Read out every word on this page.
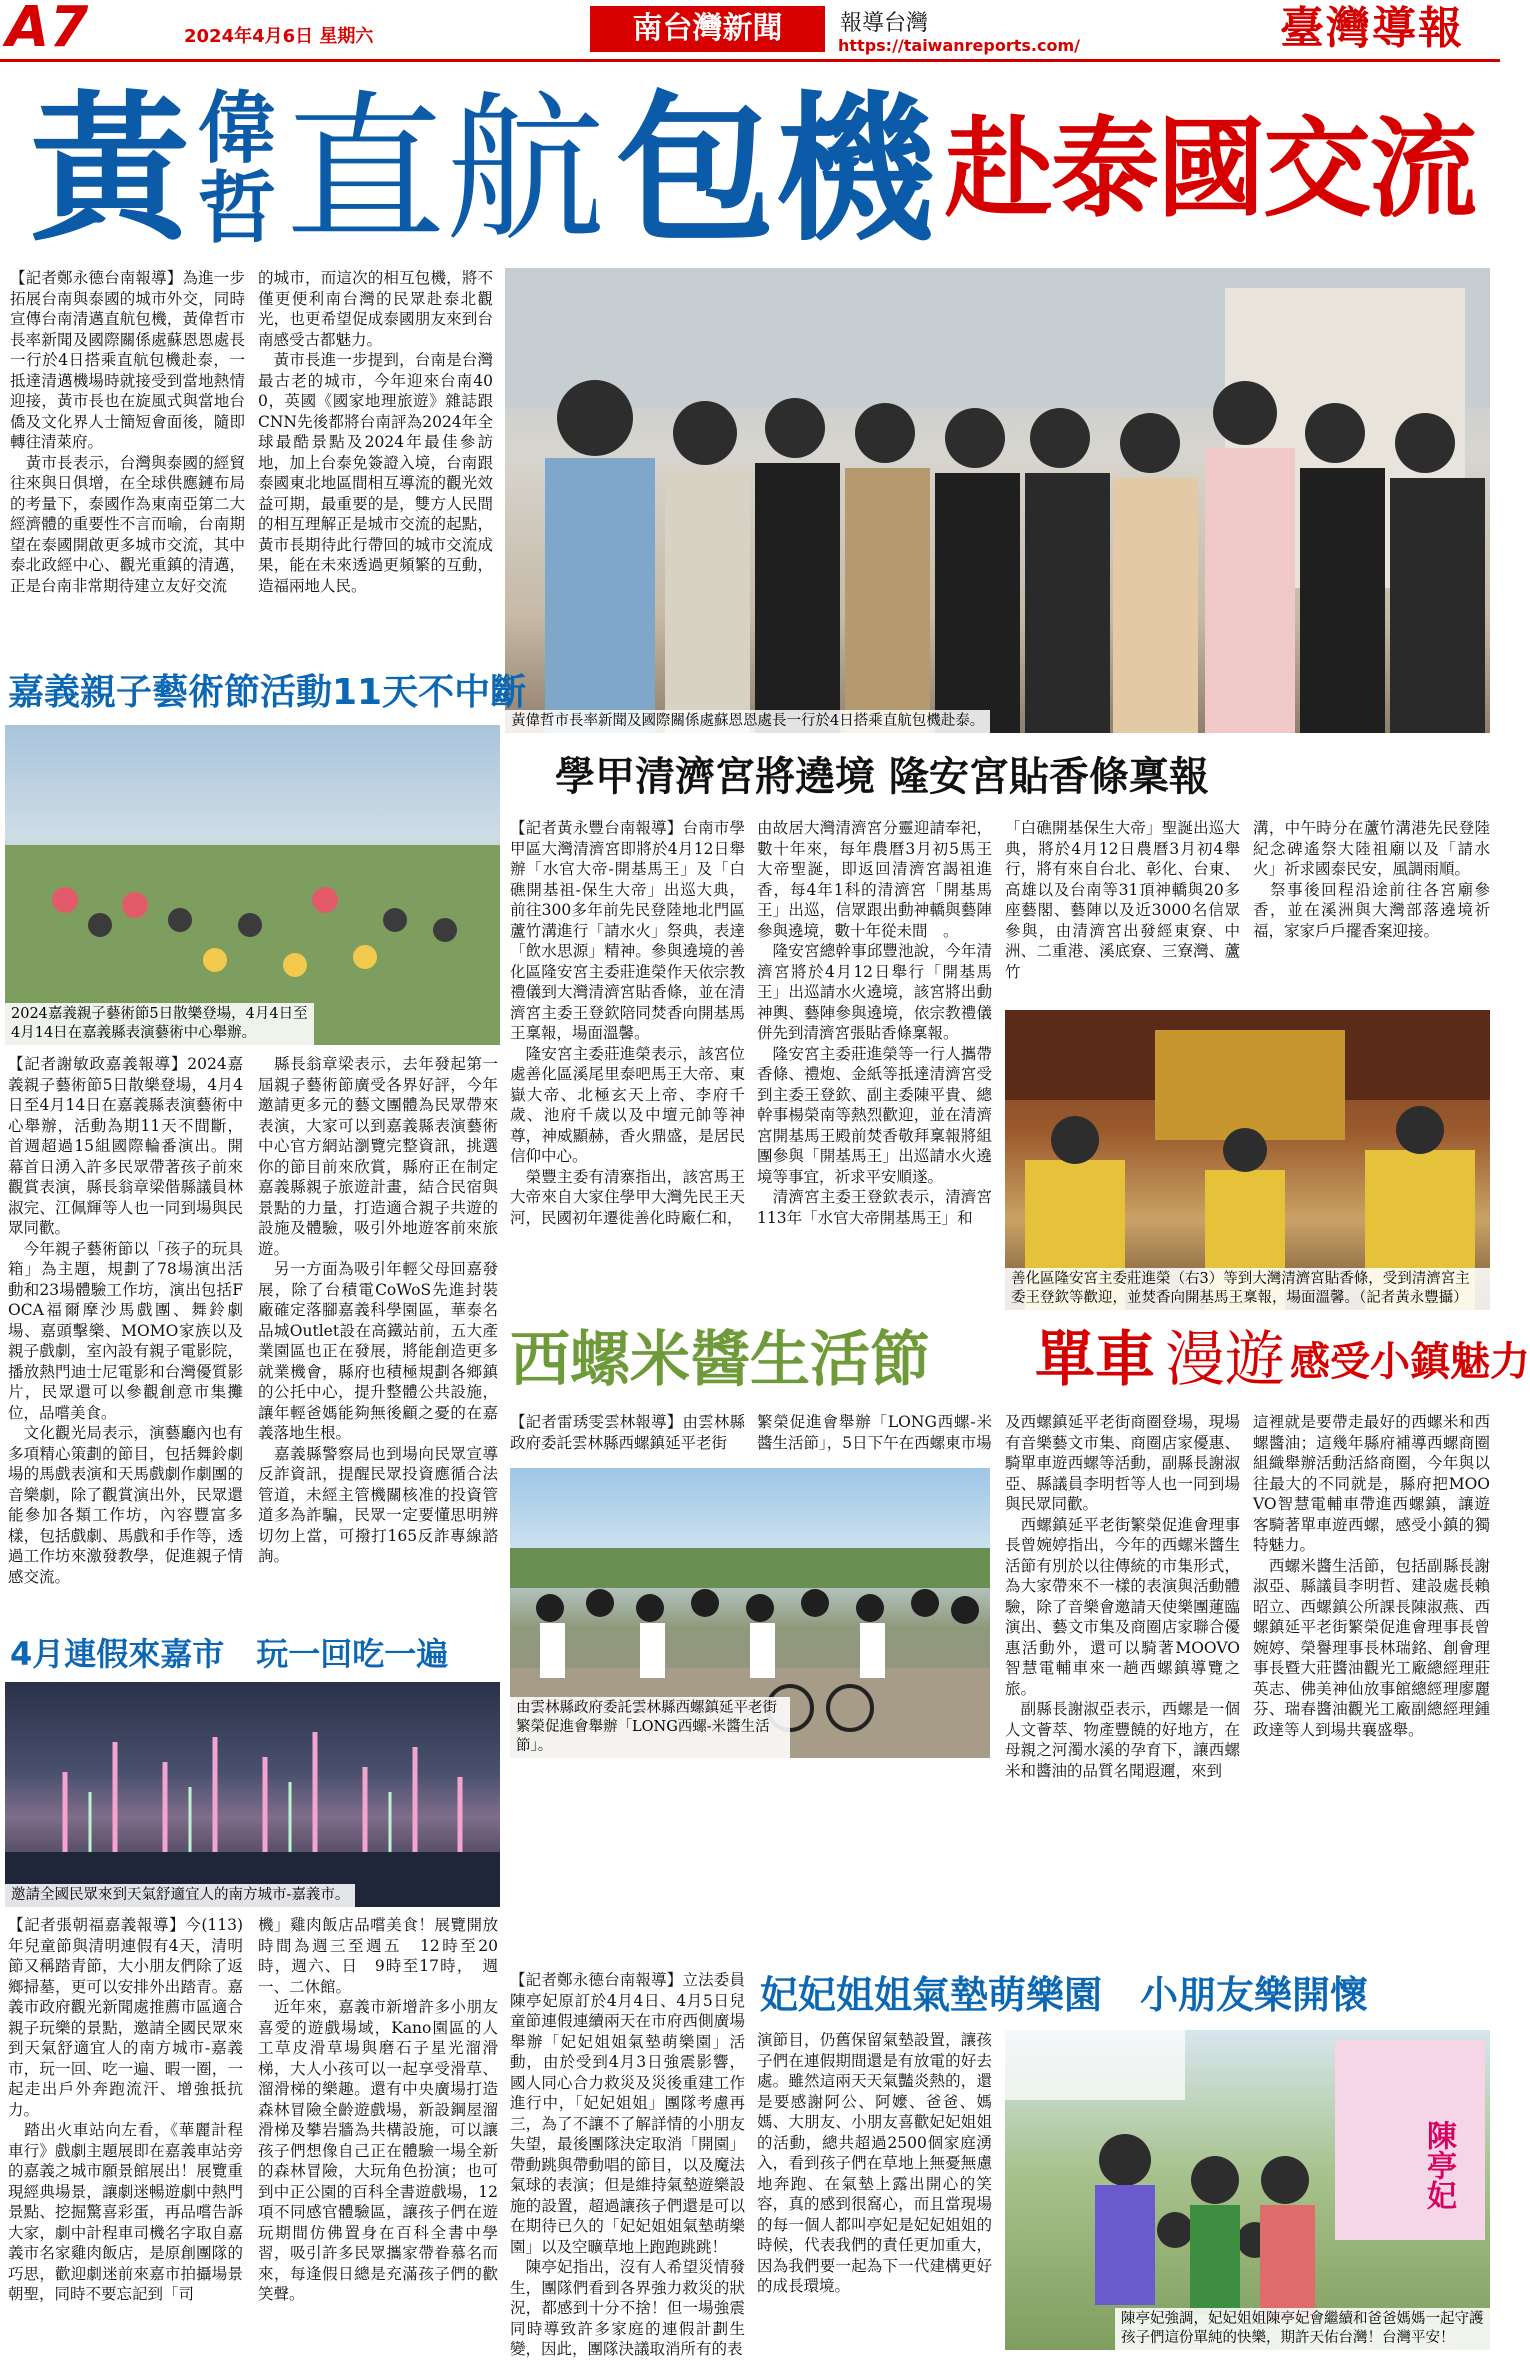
A7	2024年4月6日 星期六	南台灣新聞	報導台灣
https://taiwanreports.com/	臺灣導報
黃 偉
哲 直航 包機 赴泰國交流
【記者鄭永德台南報導】為進一步拓展台南與泰國的城市外交，同時宣傳台南清邁直航包機，黃偉哲市長率新聞及國際關係處蘇恩恩處長一行於4日搭乘直航包機赴泰，一抵達清邁機場時就接受到當地熱情迎接，黃市長也在旋風式與當地台僑及文化界人士簡短會面後，隨即轉往清萊府。
　黃市長表示，台灣與泰國的經貿往來與日俱增，在全球供應鏈布局的考量下，泰國作為東南亞第二大經濟體的重要性不言而喻，台南期望在泰國開啟更多城市交流，其中泰北政經中心、觀光重鎮的清邁，正是台南非常期待建立友好交流
的城市，而這次的相互包機，將不僅更便利南台灣的民眾赴泰北觀光，也更希望促成泰國朋友來到台南感受古都魅力。
　黃市長進一步提到，台南是台灣最古老的城市，今年迎來台南400，英國《國家地理旅遊》雜誌跟CNN先後都將台南評為2024年全球最酷景點及2024年最佳參訪地，加上台泰免簽證入境，台南跟泰國東北地區間相互導流的觀光效益可期，最重要的是，雙方人民間的相互理解正是城市交流的起點，黃市長期待此行帶回的城市交流成果，能在未來透過更頻繁的互動，造福兩地人民。
黃偉哲市長率新聞及國際關係處蘇恩恩處長一行於4日搭乘直航包機赴泰。
嘉義親子藝術節活動11天不中斷
2024嘉義親子藝術節5日散樂登場，4月4日至
4月14日在嘉義縣表演藝術中心舉辦。
【記者謝敏政嘉義報導】2024嘉義親子藝術節5日散樂登場，4月4日至4月14日在嘉義縣表演藝術中心舉辦，活動為期11天不間斷，首週超過15組國際輪番演出。開幕首日湧入許多民眾帶著孩子前來觀賞表演，縣長翁章梁偕縣議員林淑完、江佩輝等人也一同到場與民眾同歡。
　今年親子藝術節以「孩子的玩具箱」為主題，規劃了78場演出活動和23場體驗工作坊，演出包括FOCA福爾摩沙馬戲團、舞鈴劇場、嘉頭擊樂、MOMO家族以及親子戲劇，室內設有親子電影院，播放熱門迪士尼電影和台灣優質影片，民眾還可以參觀創意市集攤位，品嚐美食。
　文化觀光局表示，演藝廳內也有多項精心策劃的節目，包括舞鈴劇場的馬戲表演和天馬戲劇作劇團的音樂劇，除了觀賞演出外，民眾還能參加各類工作坊，內容豐富多樣，包括戲劇、馬戲和手作等，透過工作坊來激發教學，促進親子情感交流。
　縣長翁章梁表示，去年發起第一屆親子藝術節廣受各界好評，今年邀請更多元的藝文團體為民眾帶來表演，大家可以到嘉義縣表演藝術中心官方網站瀏覽完整資訊，挑選你的節目前來欣賞，縣府正在制定嘉義縣親子旅遊計畫，結合民宿與景點的力量，打造適合親子共遊的設施及體驗，吸引外地遊客前來旅遊。
　另一方面為吸引年輕父母回嘉發展，除了台積電CoWoS先進封裝廠確定落腳嘉義科學園區，華泰名品城Outlet設在高鐵站前，五大產業園區也正在發展，將能創造更多就業機會，縣府也積極規劃各鄉鎮的公托中心，提升整體公共設施，讓年輕爸媽能夠無後顧之憂的在嘉義落地生根。
　嘉義縣警察局也到場向民眾宣導反詐資訊，提醒民眾投資應循合法管道，未經主管機關核准的投資管道多為詐騙，民眾一定要懂思明辨切勿上當，可撥打165反詐專線諮詢。
4月連假來嘉市　玩一回吃一遍
邀請全國民眾來到天氣舒適宜人的南方城市-嘉義市。
【記者張朝福嘉義報導】今(113)年兒童節與清明連假有4天，清明節又稱踏青節，大小朋友們除了返鄉掃墓，更可以安排外出踏青。嘉義市政府觀光新聞處推薦市區適合親子玩樂的景點，邀請全國民眾來到天氣舒適宜人的南方城市-嘉義市，玩一回、吃一遍、暇一圈，一起走出戶外奔跑流汗、增強抵抗力。
　踏出火車站向左看，《華麗計程車行》戲劇主題展即在嘉義車站旁的嘉義之城市願景館展出！展覽重現經典場景，讓劇迷暢遊劇中熱門景點、挖掘驚喜彩蛋，再品嚐告訴大家，劇中計程車司機名字取自嘉義市名家雞肉飯店，是原創團隊的巧思，歡迎劇迷前來嘉市拍攝場景朝聖，同時不要忘記到「司
機」雞肉飯店品嚐美食！展覽開放時間為週三至週五　12時至20時，週六、日　9時至17時，　週一、二休館。
　近年來，嘉義市新增許多小朋友喜愛的遊戲場域，Kano園區的人工草皮滑草場與磨石子星光溜滑梯，大人小孩可以一起享受滑草、溜滑梯的樂趣。還有中央廣場打造森林冒險全齡遊戲場，新設鋼屋溜滑梯及攀岩牆為共構設施，可以讓孩子們想像自己正在體驗一場全新的森林冒險，大玩角色扮演；也可到中正公園的百科全書遊戲場，12項不同感官體驗區，讓孩子們在遊玩期間仿佛置身在百科全書中學習，吸引許多民眾攜家帶眷慕名而來，每逢假日總是充滿孩子們的歡笑聲。
學甲清濟宮將遶境 隆安宮貼香條稟報
【記者黃永豐台南報導】台南市學甲區大灣清濟宮即將於4月12日舉辦「水官大帝-開基馬王」及「白礁開基祖-保生大帝」出巡大典，前往300多年前先民登陸地北門區蘆竹溝進行「請水火」祭典，表達「飲水思源」精神。參與遶境的善化區隆安宮主委莊進榮作天依宗教禮儀到大灣清濟宮貼香條，並在清濟宮主委王登欽陪同焚香向開基馬王稟報，場面溫馨。
　隆安宮主委莊進榮表示，該宮位處善化區溪尾里泰吧馬王大帝、東嶽大帝、北極玄天上帝、李府千歲、池府千歲以及中壇元帥等神尊，神威顯赫，香火鼎盛，是居民信仰中心。
　榮豐主委有清寨指出，該宮馬王大帝來自大家住學甲大灣先民王天河，民國初年遷徙善化時廠仁和，
由故居大灣清濟宮分靈迎請奉祀，數十年來，每年農曆3月初5馬王大帝聖誕，即返回清濟宮謁祖進香，每4年1科的清濟宮「開基馬王」出巡，信眾跟出動神轎與藝陣參與遶境，數十年從未間　。
　隆安宮總幹事邱豐池說，今年清濟宮將於4月12日舉行「開基馬王」出巡請水火遶境，該宮將出動神輿、藝陣參與遶境，依宗教禮儀併先到清濟宮張貼香條稟報。
　隆安宮主委莊進榮等一行人攜帶香條、禮炮、金紙等抵達清濟宮受到主委王登欽、副主委陳平貴、總幹事楊榮南等熱烈歡迎，並在清濟宮開基馬王殿前焚香敬拜稟報將組團參與「開基馬王」出巡請水火遶境等事宜，祈求平安順遂。
　清濟宮主委王登欽表示，清濟宮113年「水官大帝開基馬王」和
「白礁開基保生大帝」聖誕出巡大典，將於4月12日農曆3月初4舉行，將有來自台北、彰化、台東、高雄以及台南等31頂神轎與20多座藝閣、藝陣以及近3000名信眾參與，由清濟宮出發經東寮、中洲、二重港、溪底寮、三寮灣、蘆竹
溝，中午時分在蘆竹溝港先民登陸紀念碑遙祭大陸祖廟以及「請水火」祈求國泰民安，風調雨順。
　祭事後回程沿途前往各宮廟參香，並在溪洲與大灣部落遶境祈福，家家戶戶擺香案迎接。
善化區隆安宮主委莊進榮（右3）等到大灣清濟宮貼香條，受到清濟宮主委王登欽等歡迎，並焚香向開基馬王稟報，場面溫馨。（記者黃永豐攝）
西螺米醬生活節 單車 漫遊 感受小鎮魅力
【記者雷琇雯雲林報導】由雲林縣政府委託雲林縣西螺鎮延平老街
繁榮促進會舉辦「LONG西螺-米醬生活節」，5日下午在西螺東市場
及西螺鎮延平老街商圈登場，現場有音樂藝文市集、商圈店家優惠、騎單車遊西螺等活動，副縣長謝淑亞、縣議員李明哲等人也一同到場與民眾同歡。
　西螺鎮延平老街繁榮促進會理事長曾婉婷指出，今年的西螺米醬生活節有別於以往傳統的市集形式，為大家帶來不一樣的表演與活動體驗，除了音樂會邀請天使樂團蓮臨演出、藝文市集及商圈店家聯合優惠活動外，還可以騎著MOOVO智慧電輔車來一趟西螺鎮導覽之旅。
　副縣長謝淑亞表示，西螺是一個人文薈萃、物產豐饒的好地方，在母親之河濁水溪的孕育下，讓西螺米和醬油的品質名聞遐邇，來到
這裡就是要帶走最好的西螺米和西螺醬油；這幾年縣府補導西螺商圈組織舉辦活動活絡商圈，今年與以往最大的不同就是，縣府把MOOVO智慧電輔車帶進西螺鎮，讓遊客騎著單車遊西螺，感受小鎮的獨特魅力。
　西螺米醬生活節，包括副縣長謝淑亞、縣議員李明哲、建設處長賴昭立、西螺鎮公所課長陳淑燕、西螺鎮延平老街繁榮促進會理事長曾婉婷、榮譽理事長林瑞銘、創會理事長暨大莊醬油觀光工廠總經理莊英志、佛美神仙放事館總經理廖麗芬、瑞春醬油觀光工廠副總經理鍾政達等人到場共襄盛舉。
由雲林縣政府委託雲林縣西螺鎮延平老街繁榮促進會舉辦「LONG西螺-米醬生活節」。
妃妃姐姐氣墊萌樂園　小朋友樂開懷
【記者鄭永德台南報導】立法委員陳亭妃原訂於4月4日、4月5日兒童節連假連續兩天在市府西側廣場舉辦「妃妃姐姐氣墊萌樂園」活動，由於受到4月3日強震影響，國人同心合力救災及災後重建工作進行中，「妃妃姐姐」團隊考慮再三，為了不讓不了解詳情的小朋友失望，最後團隊決定取消「開園」帶動跳與帶動唱的節目，以及魔法氣球的表演；但是維持氣墊遊樂設施的設置，超過讓孩子們還是可以在期待已久的「妃妃姐姐氣墊萌樂園」以及空曠草地上跑跑跳跳！
　陳亭妃指出，沒有人希望災情發生，團隊們看到各界強力救災的狀況，都感到十分不捨！但一場強震同時導致許多家庭的連假計劃生變，因此，團隊決議取消所有的表
演節目，仍舊保留氣墊設置，讓孩子們在連假期間還是有放電的好去處。雖然這兩天天氣豔炎熱的，還是要感謝阿公、阿嬤、爸爸、媽媽、大朋友、小朋友喜歡妃妃姐姐的活動，總共超過2500個家庭湧入，看到孩子們在草地上無憂無慮地奔跑、在氣墊上露出開心的笑容，真的感到很窩心，而且當現場的每一個人都叫亭妃是妃妃姐姐的時候，代表我們的責任更加重大，因為我們要一起為下一代建構更好的成長環境。
陳亭妃
陳亭妃強調，妃妃姐姐陳亭妃會繼續和爸爸媽媽一起守護孩子們這份單純的快樂，期許天佑台灣！台灣平安！
